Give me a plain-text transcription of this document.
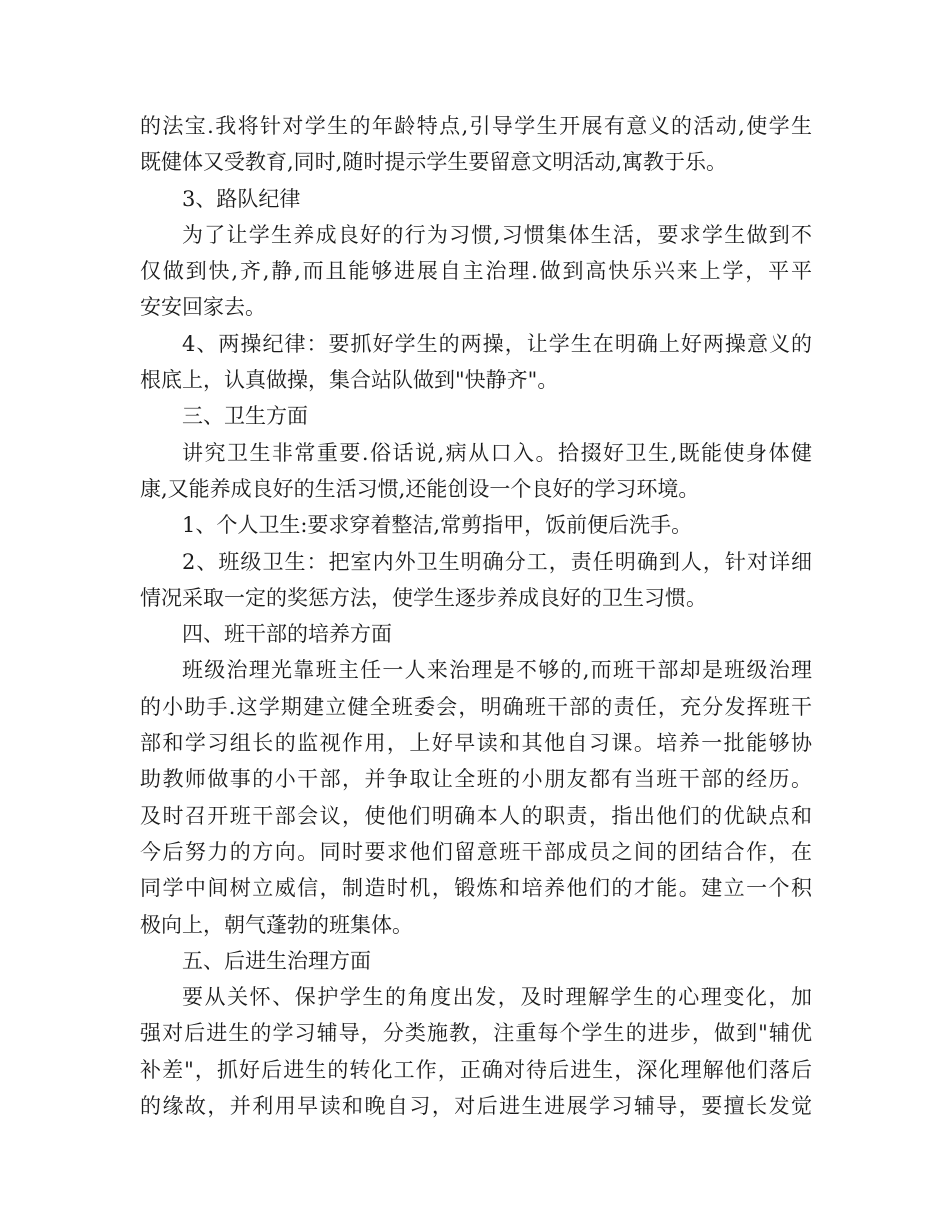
的法宝.我将针对学生的年龄特点,引导学生开展有意义的活动,使学生
既健体又受教育,同时,随时提示学生要留意文明活动,寓教于乐。
3、路队纪律
为了让学生养成良好的行为习惯,习惯集体生活，要求学生做到不
仅做到快,齐,静,而且能够进展自主治理.做到高快乐兴来上学，平平
安安回家去。
4、两操纪律：要抓好学生的两操，让学生在明确上好两操意义的
根底上，认真做操，集合站队做到"快静齐"。
三、卫生方面
讲究卫生非常重要.俗话说,病从口入。拾掇好卫生,既能使身体健
康,又能养成良好的生活习惯,还能创设一个良好的学习环境。
1、个人卫生:要求穿着整洁,常剪指甲，饭前便后洗手。
2、班级卫生：把室内外卫生明确分工，责任明确到人，针对详细
情况采取一定的奖惩方法，使学生逐步养成良好的卫生习惯。
四、班干部的培养方面
班级治理光靠班主任一人来治理是不够的,而班干部却是班级治理
的小助手.这学期建立健全班委会，明确班干部的责任，充分发挥班干
部和学习组长的监视作用，上好早读和其他自习课。培养一批能够协
助教师做事的小干部，并争取让全班的小朋友都有当班干部的经历。
及时召开班干部会议，使他们明确本人的职责，指出他们的优缺点和
今后努力的方向。同时要求他们留意班干部成员之间的团结合作，在
同学中间树立威信，制造时机，锻炼和培养他们的才能。建立一个积
极向上，朝气蓬勃的班集体。
五、后进生治理方面
要从关怀、保护学生的角度出发，及时理解学生的心理变化，加
强对后进生的学习辅导，分类施教，注重每个学生的进步，做到"辅优
补差"，抓好后进生的转化工作，正确对待后进生，深化理解他们落后
的缘故，并利用早读和晚自习，对后进生进展学习辅导，要擅长发觉
